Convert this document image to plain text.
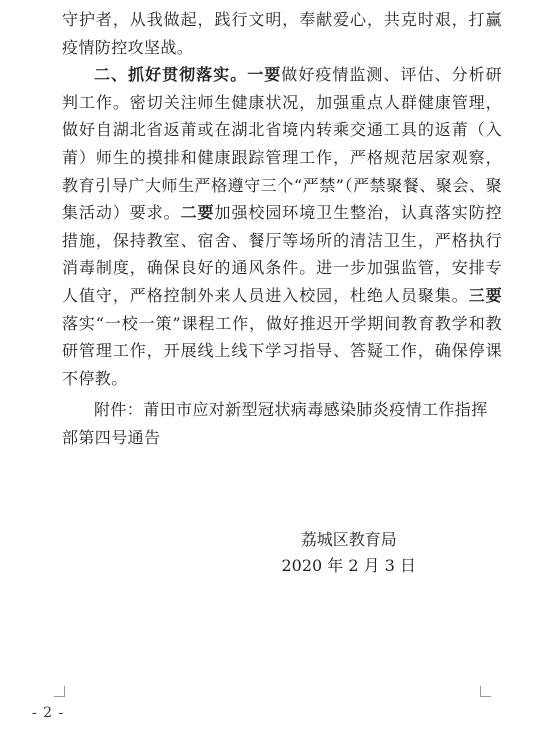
守护者，从我做起，践行文明，奉献爱心，共克时艰，打赢疫情防控攻坚战。

二、抓好贯彻落实。一要做好疫情监测、评估、分析研判工作。密切关注师生健康状况，加强重点人群健康管理，做好自湖北省返莆或在湖北省境内转乘交通工具的返莆（入莆）师生的摸排和健康跟踪管理工作，严格规范居家观察，教育引导广大师生严格遵守三个“严禁”（严禁聚餐、聚会、聚集活动）要求。二要加强校园环境卫生整治，认真落实防控措施，保持教室、宿舍、餐厅等场所的清洁卫生，严格执行消毒制度，确保良好的通风条件。进一步加强监管，安排专人值守，严格控制外来人员进入校园，杜绝人员聚集。三要落实“一校一策”课程工作，做好推迟开学期间教育教学和教研管理工作，开展线上线下学习指导、答疑工作，确保停课不停教。

附件：莆田市应对新型冠状病毒感染肺炎疫情工作指挥部第四号通告
荔城区教育局
2020 年 2 月 3 日
- 2 -
